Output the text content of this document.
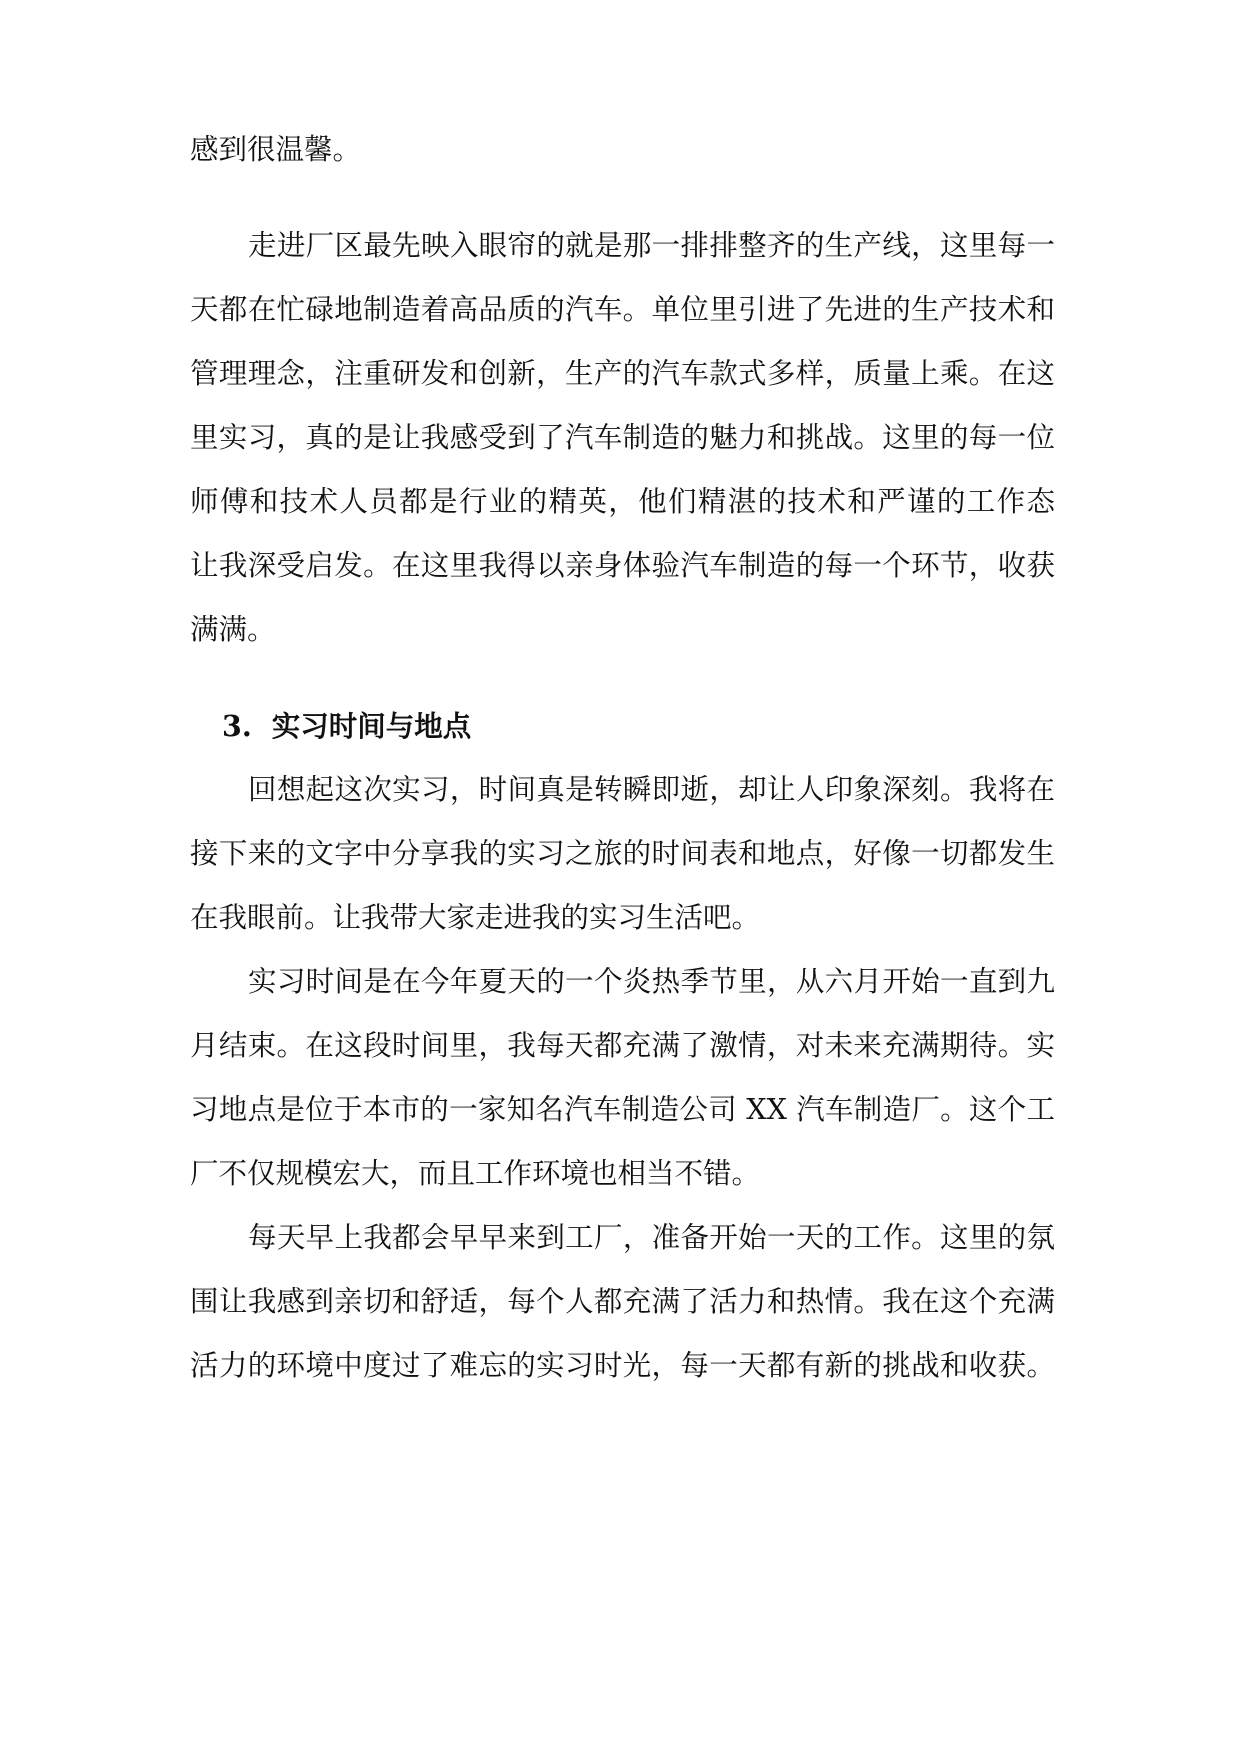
感到很温馨。
走进厂区最先映入眼帘的就是那一排排整齐的生产线，这里每一
天都在忙碌地制造着高品质的汽车。单位里引进了先进的生产技术和
管理理念，注重研发和创新，生产的汽车款式多样，质量上乘。在这
里实习，真的是让我感受到了汽车制造的魅力和挑战。这里的每一位
师傅和技术人员都是行业的精英，他们精湛的技术和严谨的工作态
让我深受启发。在这里我得以亲身体验汽车制造的每一个环节，收获
满满。
3. 实习时间与地点
回想起这次实习，时间真是转瞬即逝，却让人印象深刻。我将在
接下来的文字中分享我的实习之旅的时间表和地点，好像一切都发生
在我眼前。让我带大家走进我的实习生活吧。
实习时间是在今年夏天的一个炎热季节里，从六月开始一直到九
月结束。在这段时间里，我每天都充满了激情，对未来充满期待。实
习地点是位于本市的一家知名汽车制造公司 XX 汽车制造厂。这个工
厂不仅规模宏大，而且工作环境也相当不错。
每天早上我都会早早来到工厂，准备开始一天的工作。这里的氛
围让我感到亲切和舒适，每个人都充满了活力和热情。我在这个充满
活力的环境中度过了难忘的实习时光，每一天都有新的挑战和收获。
